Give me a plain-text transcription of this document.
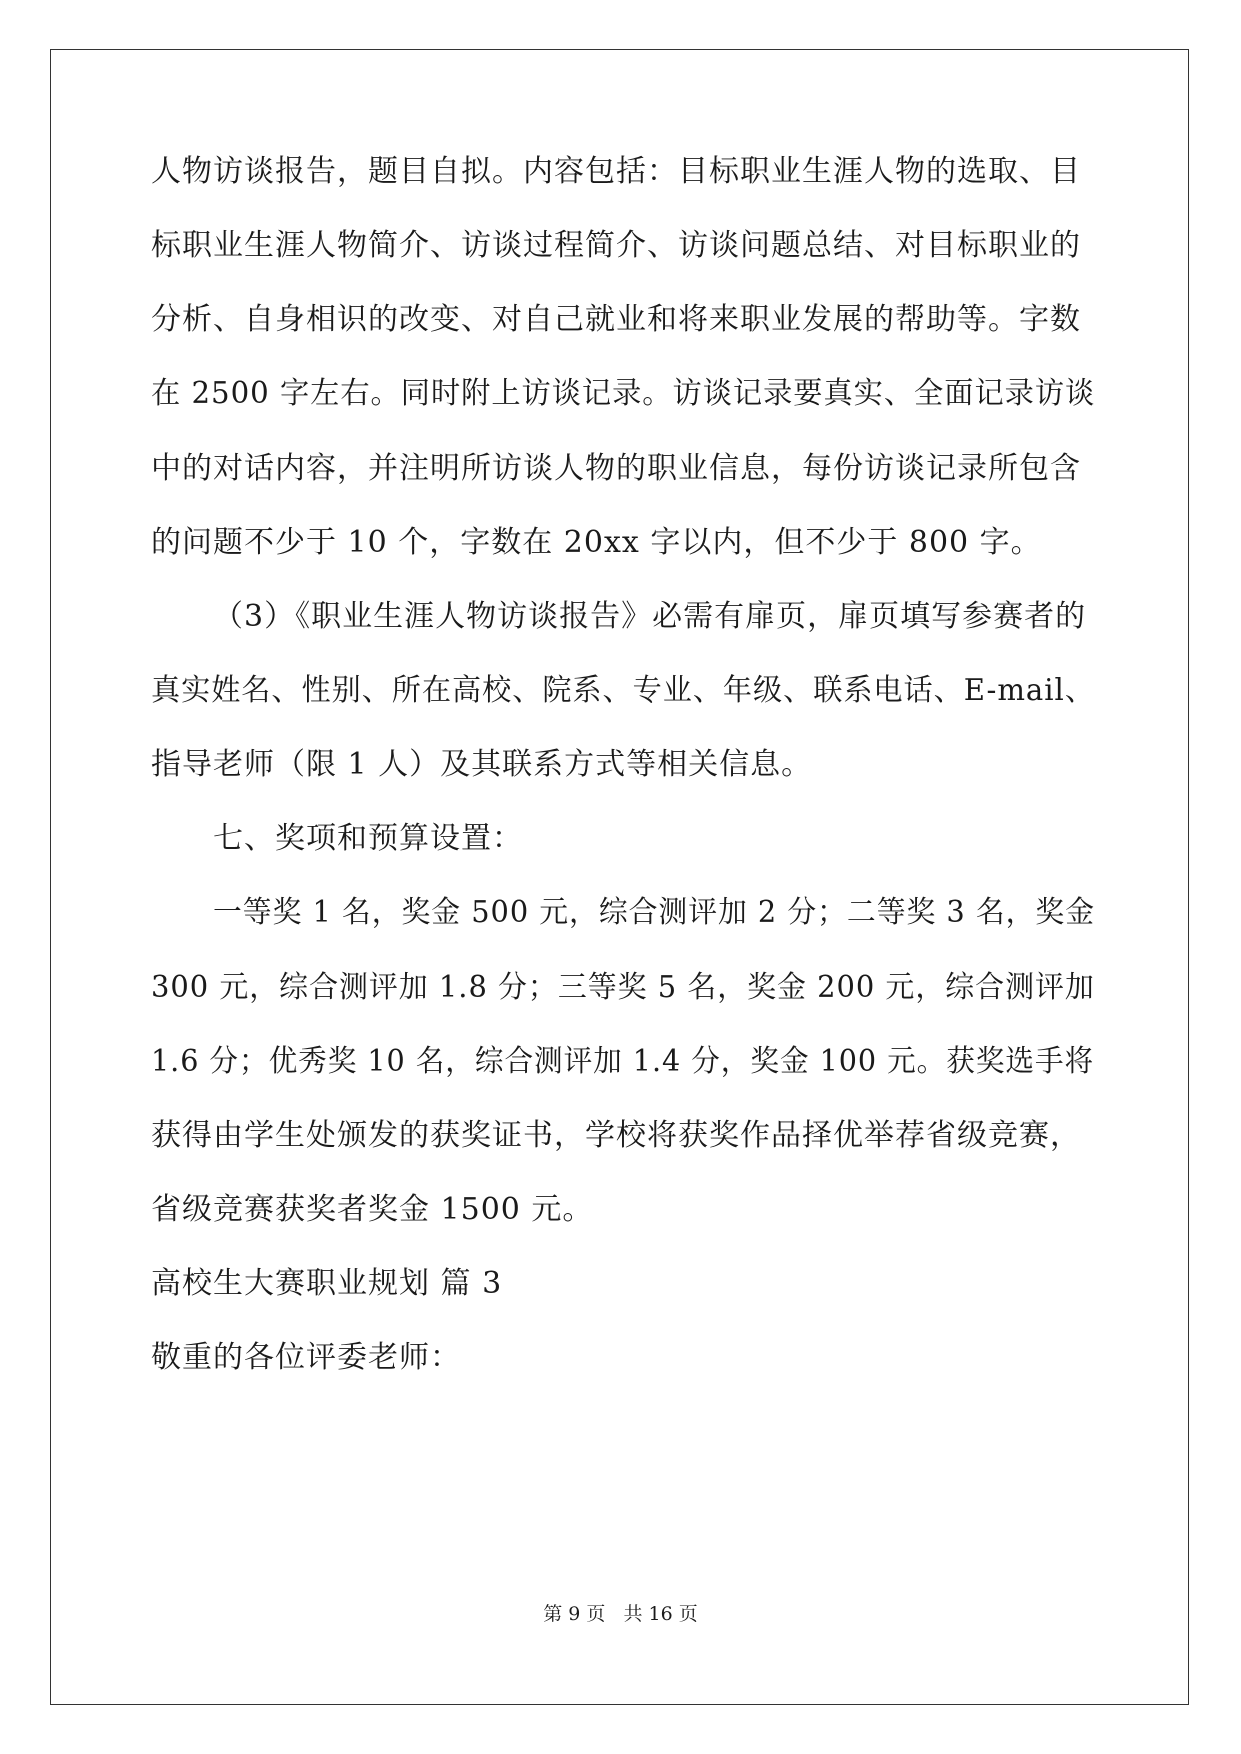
人物访谈报告，题目自拟。内容包括：目标职业生涯人物的选取、目
标职业生涯人物简介、访谈过程简介、访谈问题总结、对目标职业的
分析、自身相识的改变、对自己就业和将来职业发展的帮助等。字数
在 2500 字左右。同时附上访谈记录。访谈记录要真实、全面记录访谈
中的对话内容，并注明所访谈人物的职业信息，每份访谈记录所包含
的问题不少于 10 个，字数在 20xx 字以内，但不少于 800 字。
（3）《职业生涯人物访谈报告》必需有扉页，扉页填写参赛者的
真实姓名、性别、所在高校、院系、专业、年级、联系电话、E-mail、
指导老师（限 1 人）及其联系方式等相关信息。
七、奖项和预算设置：
一等奖 1 名，奖金 500 元，综合测评加 2 分；二等奖 3 名，奖金
300 元，综合测评加 1.8 分；三等奖 5 名，奖金 200 元，综合测评加
1.6 分；优秀奖 10 名，综合测评加 1.4 分，奖金 100 元。获奖选手将
获得由学生处颁发的获奖证书，学校将获奖作品择优举荐省级竞赛，
省级竞赛获奖者奖金 1500 元。
高校生大赛职业规划 篇 3
敬重的各位评委老师：
第 9 页   共 16 页
